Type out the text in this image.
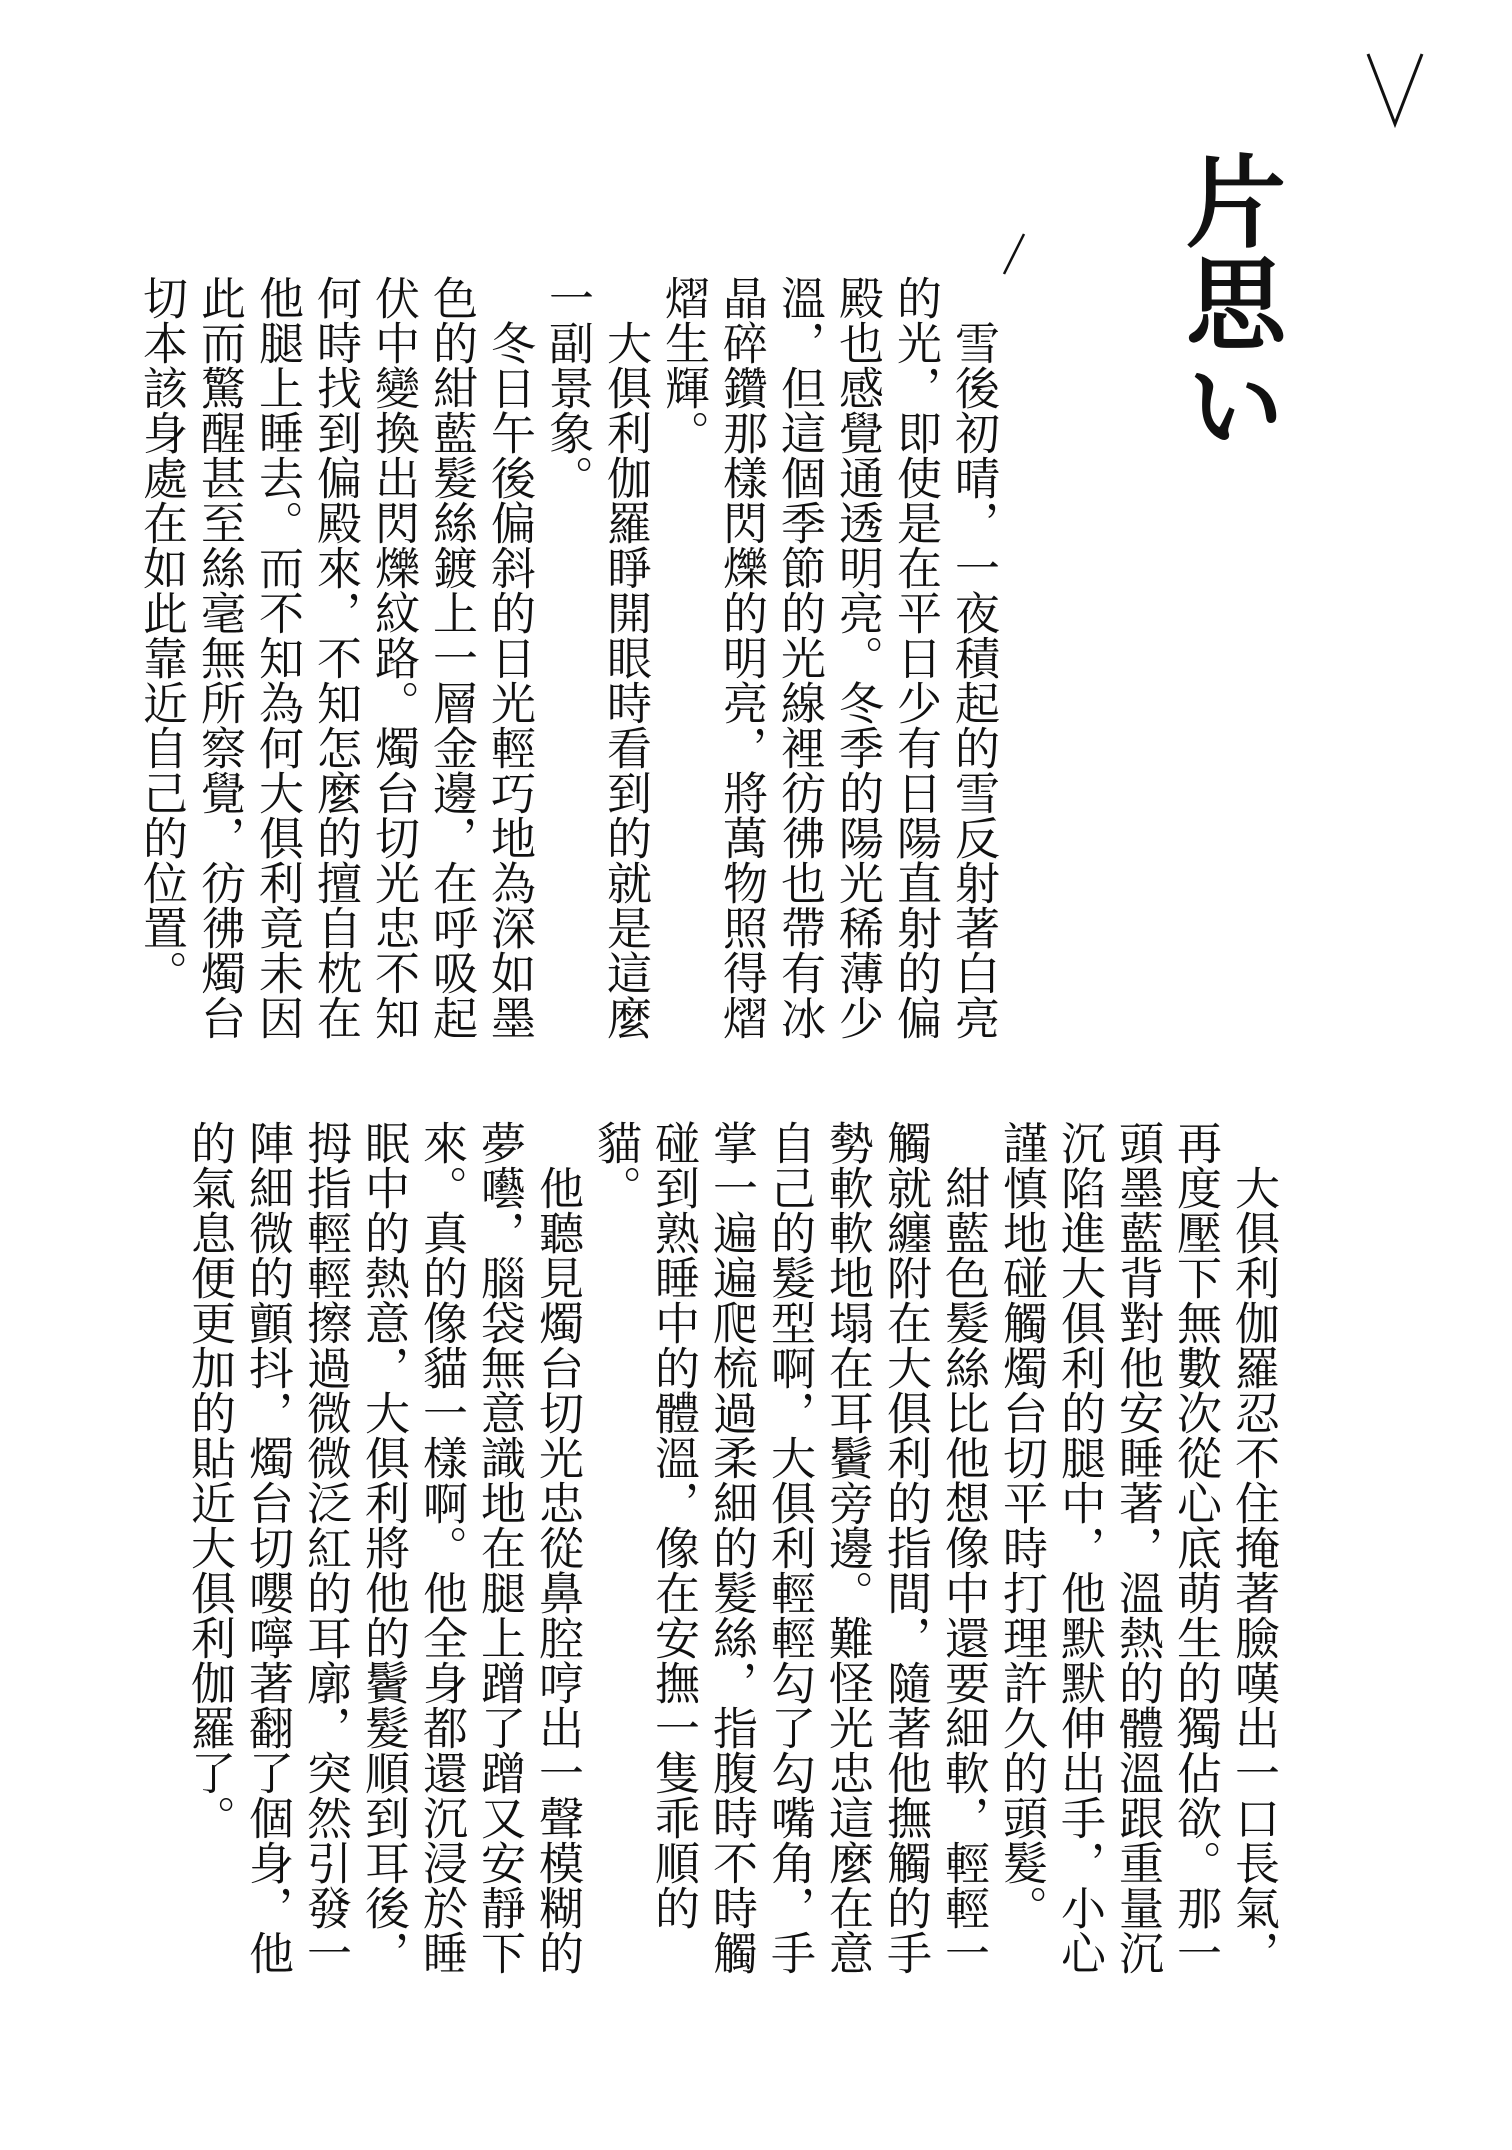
片思い

雪後初晴，一夜積起的雪反射著白亮的光，即使是在平日少有日陽直射的偏殿也感覺通透明亮。冬季的陽光稀薄少溫，但這個季節的光線裡彷彿也帶有冰晶碎鑽那樣閃爍的明亮，將萬物照得熠熠生輝。

大俱利伽羅睜開眼時看到的就是這麼一副景象。

冬日午後偏斜的日光輕巧地為深如墨色的紺藍髮絲鍍上一層金邊，在呼吸起伏中變換出閃爍紋路。燭台切光忠不知何時找到偏殿來，不知怎麼的擅自枕在他腿上睡去。而不知為何大俱利竟未因此而驚醒甚至絲毫無所察覺，彷彿燭台切本該身處在如此靠近自己的位置。

大俱利伽羅忍不住掩著臉嘆出一口長氣，再度壓下無數次從心底萌生的獨佔欲。那一頭墨藍背對他安睡著，溫熱的體溫跟重量沉沉陷進大俱利的腿中，他默默伸出手，小心謹慎地碰觸燭台切平時打理許久的頭髮。

紺藍色髮絲比他想像中還要細軟，輕輕一觸就纏附在大俱利的指間，隨著他撫觸的手勢軟軟地塌在耳鬢旁邊。難怪光忠這麼在意自己的髮型啊，大俱利輕輕勾了勾嘴角，手掌一遍遍爬梳過柔細的髮絲，指腹時不時觸碰到熟睡中的體溫，像在安撫一隻乖順的貓。

他聽見燭台切光忠從鼻腔哼出一聲模糊的夢囈，腦袋無意識地在腿上蹭了蹭又安靜下來。真的像貓一樣啊。他全身都還沉浸於睡眠中的熱意，大俱利將他的鬢髮順到耳後，拇指輕輕擦過微微泛紅的耳廓，突然引發一陣細微的顫抖，燭台切嚶嚀著翻了個身，他的氣息便更加的貼近大俱利伽羅了。
